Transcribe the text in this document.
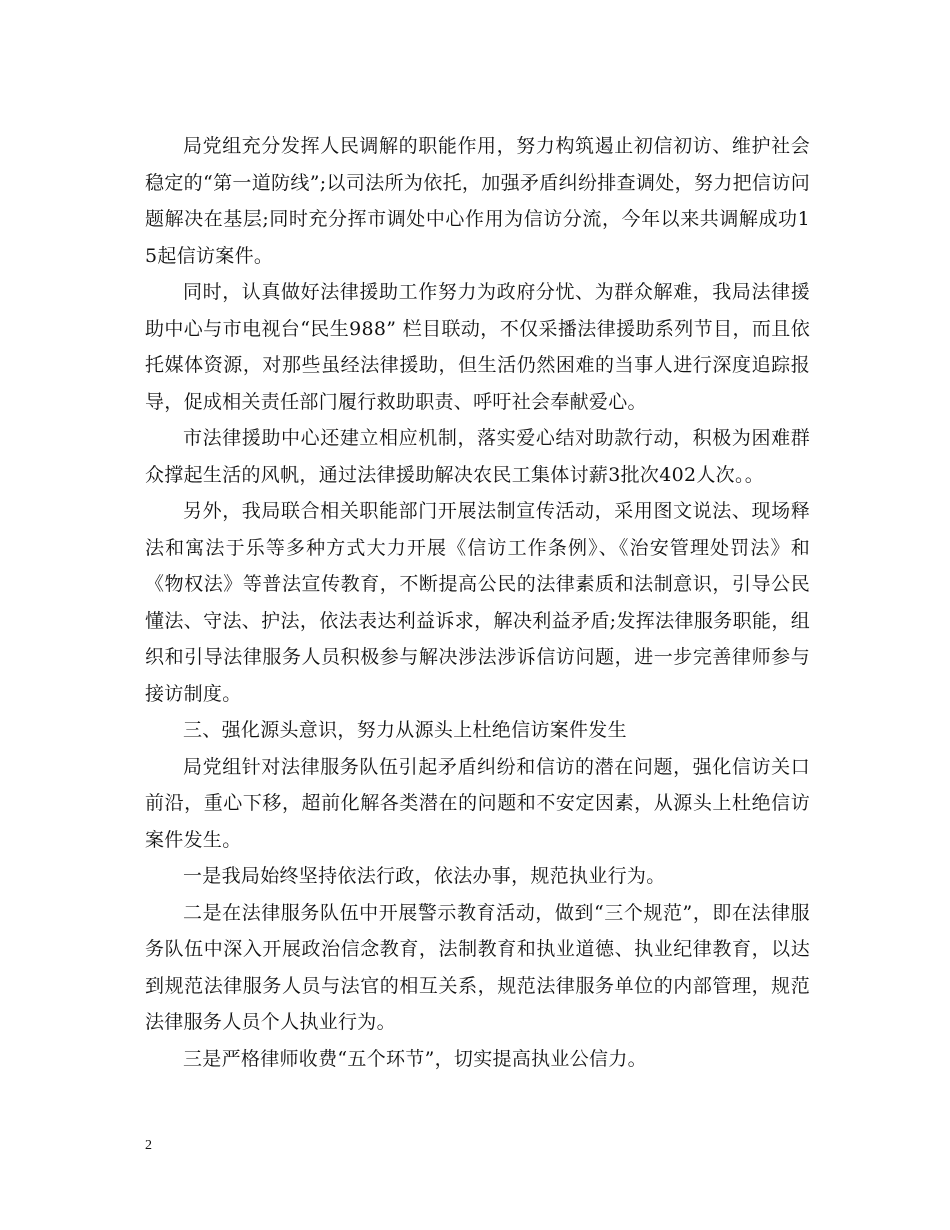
局党组充分发挥人民调解的职能作用，努力构筑遏止初信初访、维护社会稳定的“第一道防线”;以司法所为依托，加强矛盾纠纷排查调处，努力把信访问题解决在基层;同时充分挥市调处中心作用为信访分流，今年以来共调解成功15起信访案件。

同时，认真做好法律援助工作努力为政府分忧、为群众解难，我局法律援助中心与市电视台“民生988” 栏目联动，不仅采播法律援助系列节目，而且依托媒体资源，对那些虽经法律援助，但生活仍然困难的当事人进行深度追踪报导，促成相关责任部门履行救助职责、呼吁社会奉献爱心。

市法律援助中心还建立相应机制，落实爱心结对助款行动，积极为困难群众撑起生活的风帆，通过法律援助解决农民工集体讨薪3批次402人次。。

另外，我局联合相关职能部门开展法制宣传活动，采用图文说法、现场释法和寓法于乐等多种方式大力开展《信访工作条例》、《治安管理处罚法》和《物权法》等普法宣传教育，不断提高公民的法律素质和法制意识，引导公民懂法、守法、护法，依法表达利益诉求，解决利益矛盾;发挥法律服务职能，组织和引导法律服务人员积极参与解决涉法涉诉信访问题，进一步完善律师参与接访制度。

三、强化源头意识，努力从源头上杜绝信访案件发生

局党组针对法律服务队伍引起矛盾纠纷和信访的潜在问题，强化信访关口前沿，重心下移，超前化解各类潜在的问题和不安定因素，从源头上杜绝信访案件发生。

一是我局始终坚持依法行政，依法办事，规范执业行为。

二是在法律服务队伍中开展警示教育活动，做到“三个规范”，即在法律服务队伍中深入开展政治信念教育，法制教育和执业道德、执业纪律教育，以达到规范法律服务人员与法官的相互关系，规范法律服务单位的内部管理，规范法律服务人员个人执业行为。

三是严格律师收费“五个环节”，切实提高执业公信力。

2
